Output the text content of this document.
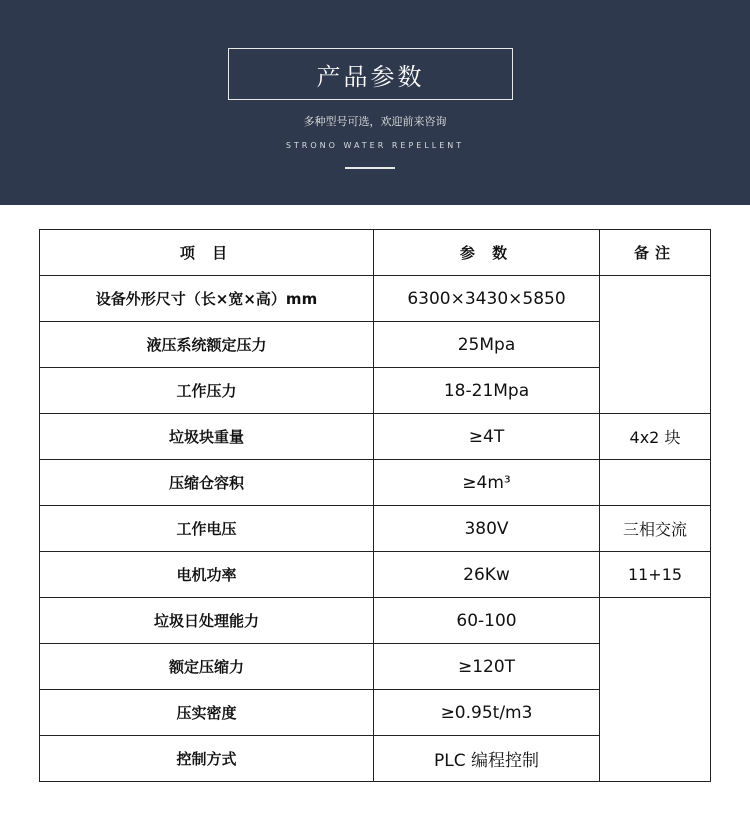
产品参数
多种型号可选，欢迎前来咨询
STRONO WATER REPELLENT
项 目	参 数	备注
设备外形尺寸（长×宽×高）mm	6300×3430×5850	
液压系统额定压力	25Mpa	
工作压力	18-21Mpa	
垃圾块重量	≥4T	4x2 块
压缩仓容积	≥4m³	
工作电压	380V	三相交流
电机功率	26Kw	11+15
垃圾日处理能力	60-100	
额定压缩力	≥120T	
压实密度	≥0.95t/m3	
控制方式	PLC 编程控制	
